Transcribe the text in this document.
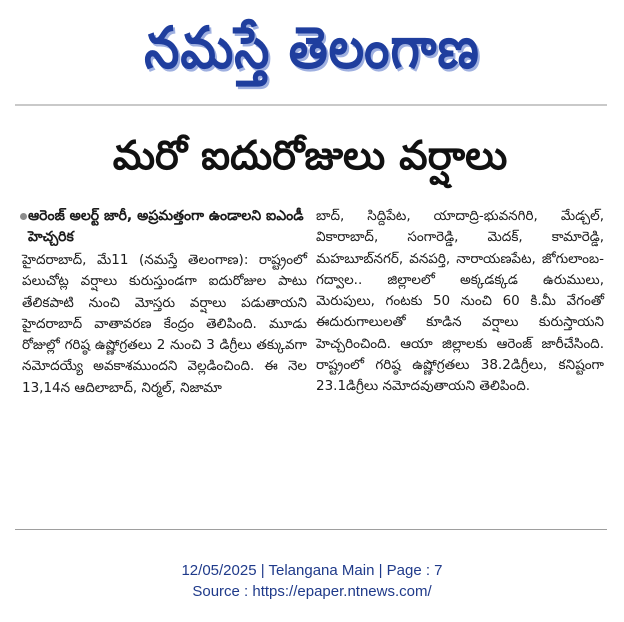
నమస్తే తెలంగాణ
మరో ఐదురోజులు వర్షాలు
ఆరెంజ్ అలర్ట్ జారీ, అప్రమత్తంగా ఉండాలని ఐఎండీ హెచ్చరిక

హైదరాబాద్, మే11 (నమస్తే తెలంగాణ): రాష్ట్రంలో పలుచోట్ల వర్షాలు కురుస్తుండగా ఐదురోజుల పాటు తేలికపాటి నుంచి మోస్తరు వర్షాలు పడుతాయని హైదరాబాద్ వాతావరణ కేంద్రం తెలిపింది. మూడు రోజుల్లో గరిష్ఠ ఉష్ణోగ్రతలు 2 నుంచి 3 డిగ్రీలు తక్కువగా నమోదయ్యే అవకాశముందని వెల్లడించింది. ఈ నెల 13,14న ఆదిలాబాద్, నిర్మల్, నిజామా

బాద్, సిద్దిపేట, యాదాద్రి-భువనగిరి, మేడ్చల్, వికారాబాద్, సంగారెడ్డి, మెదక్, కామారెడ్డి, మహబూబ్‌నగర్, వనపర్తి, నారాయణపేట, జోగులాంబ-గద్వాల.. జిల్లాలలో అక్కడక్కడ ఉరుములు, మెరుపులు, గంటకు 50 నుంచి 60 కి.మీ వేగంతో ఈదురుగాలులతో కూడిన వర్షాలు కురుస్తాయని హెచ్చరించింది. ఆయా జిల్లాలకు ఆరెంజ్ జారీచేసింది. రాష్ట్రంలో గరిష్ఠ ఉష్ణోగ్రతలు 38.2డిగ్రీలు, కనిష్టంగా 23.1డిగ్రీలు నమోదవుతాయని తెలిపింది.

12/05/2025 | Telangana Main | Page : 7
Source : https://epaper.ntnews.com/
